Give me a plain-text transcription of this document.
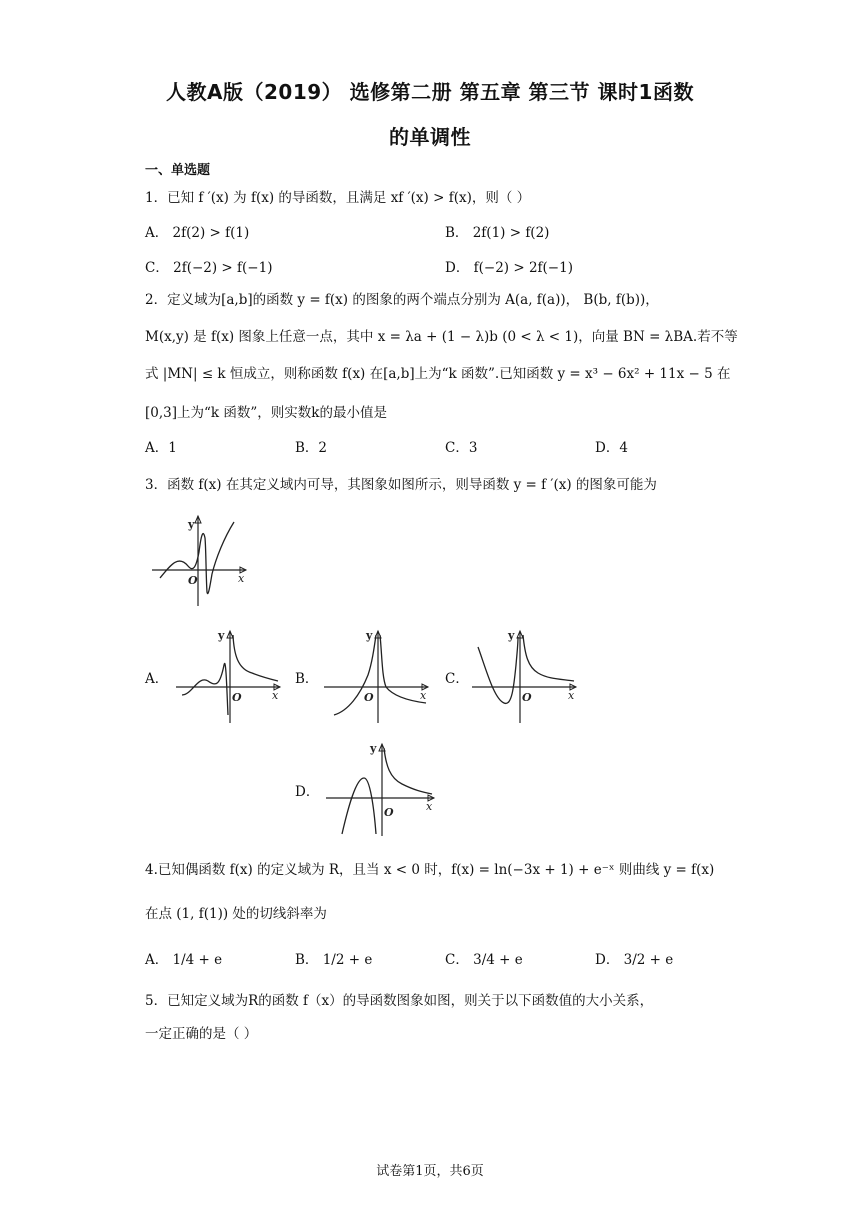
人教A版（2019） 选修第二册 第五章 第三节 课时1函数
的单调性
一、单选题
1．已知 f ′(x) 为 f(x) 的导函数，且满足 xf ′(x) > f(x)，则（ ）
A． 2f(2) > f(1)	B． 2f(1) > f(2)
C． 2f(−2) > f(−1)	D． f(−2) > 2f(−1)
2．定义域为[a,b]的函数 y = f(x) 的图象的两个端点分别为 A(a, f(a))， B(b, f(b))，
M(x,y) 是 f(x) 图象上任意一点，其中 x = λa + (1 − λ)b (0 < λ < 1)，向量 BN = λBA.若不等
式 |MN| ≤ k 恒成立，则称函数 f(x) 在[a,b]上为“k 函数”.已知函数 y = x³ − 6x² + 11x − 5 在
[0,3]上为“k 函数”，则实数k的最小值是
A．1	B．2	C．3	D．4
3．函数 f(x) 在其定义域内可导，其图象如图所示，则导函数 y = f ′(x) 的图象可能为
y
x
O
A．
y
x
O
B．
y
x
O
C．
y
x
O
D．
y
x
O
4.已知偶函数 f(x) 的定义域为 R，且当 x < 0 时，f(x) = ln(−3x + 1) + e⁻ˣ 则曲线 y = f(x)
在点 (1, f(1)) 处的切线斜率为
A． 1/4 + e	B． 1/2 + e	C． 3/4 + e	D． 3/2 + e
5．已知定义域为R的函数 f（x）的导函数图象如图，则关于以下函数值的大小关系，
一定正确的是（ ）
试卷第1页，共6页
